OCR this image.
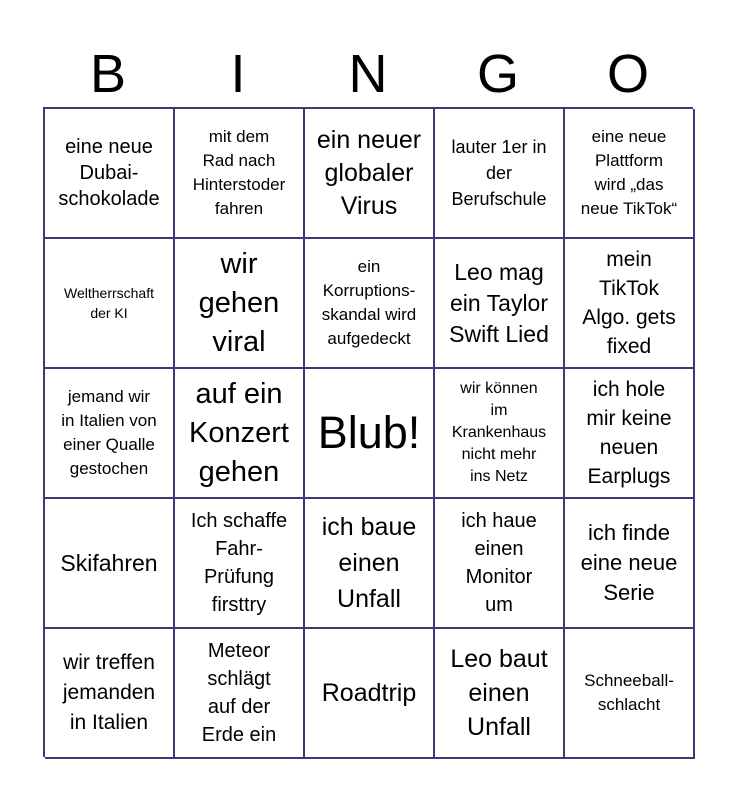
B	I	N	G	O
eine neue
Dubai-
schokolade
mit dem
Rad nach
Hinterstoder
fahren
ein neuer
globaler
Virus
lauter 1er in
der
Berufschule
eine neue
Plattform
wird „das
neue TikTok“
Weltherrschaft
der KI
wir
gehen
viral
ein
Korruptions-
skandal wird
aufgedeckt
Leo mag
ein Taylor
Swift Lied
mein
TikTok
Algo. gets
fixed
jemand wir
in Italien von
einer Qualle
gestochen
auf ein
Konzert
gehen
Blub!
wir können
im
Krankenhaus
nicht mehr
ins Netz
ich hole
mir keine
neuen
Earplugs
Skifahren
Ich schaffe
Fahr-
Prüfung
firsttry
ich baue
einen
Unfall
ich haue
einen
Monitor
um
ich finde
eine neue
Serie
wir treffen
jemanden
in Italien
Meteor
schlägt
auf der
Erde ein
Roadtrip
Leo baut
einen
Unfall
Schneeball-
schlacht
